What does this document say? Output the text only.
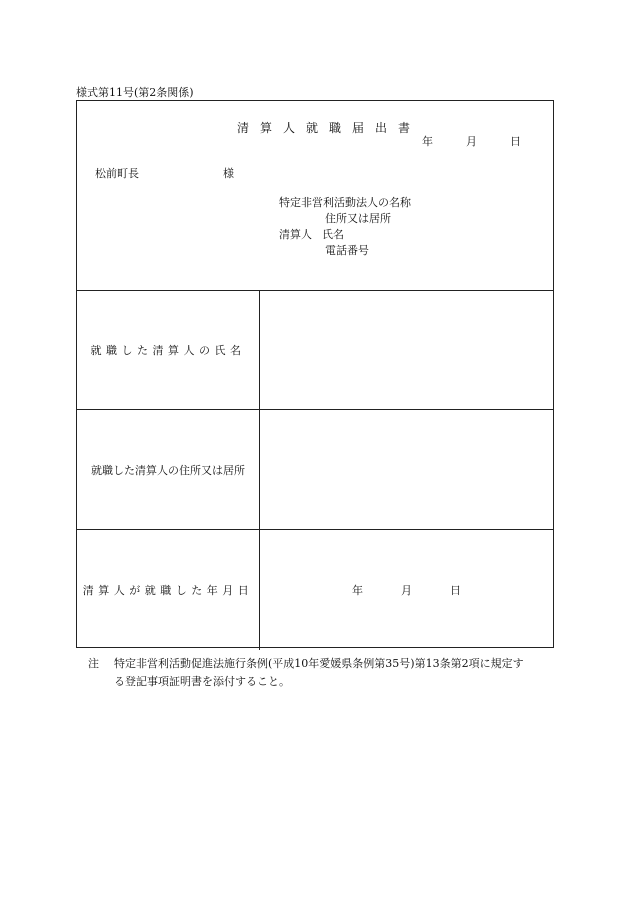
様式第11号(第2条関係)
清算人就職届出書
年	月	日
松前町長	様
特定非営利活動法人の名称
住所又は居所
清算人 氏名
電話番号
就職した清算人の氏名
就職した清算人の住所又は居所
清算人が就職した年月日	年	月	日
注 特定非営利活動促進法施行条例(平成10年愛媛県条例第35号)第13条第2項に規定す
る登記事項証明書を添付すること。
